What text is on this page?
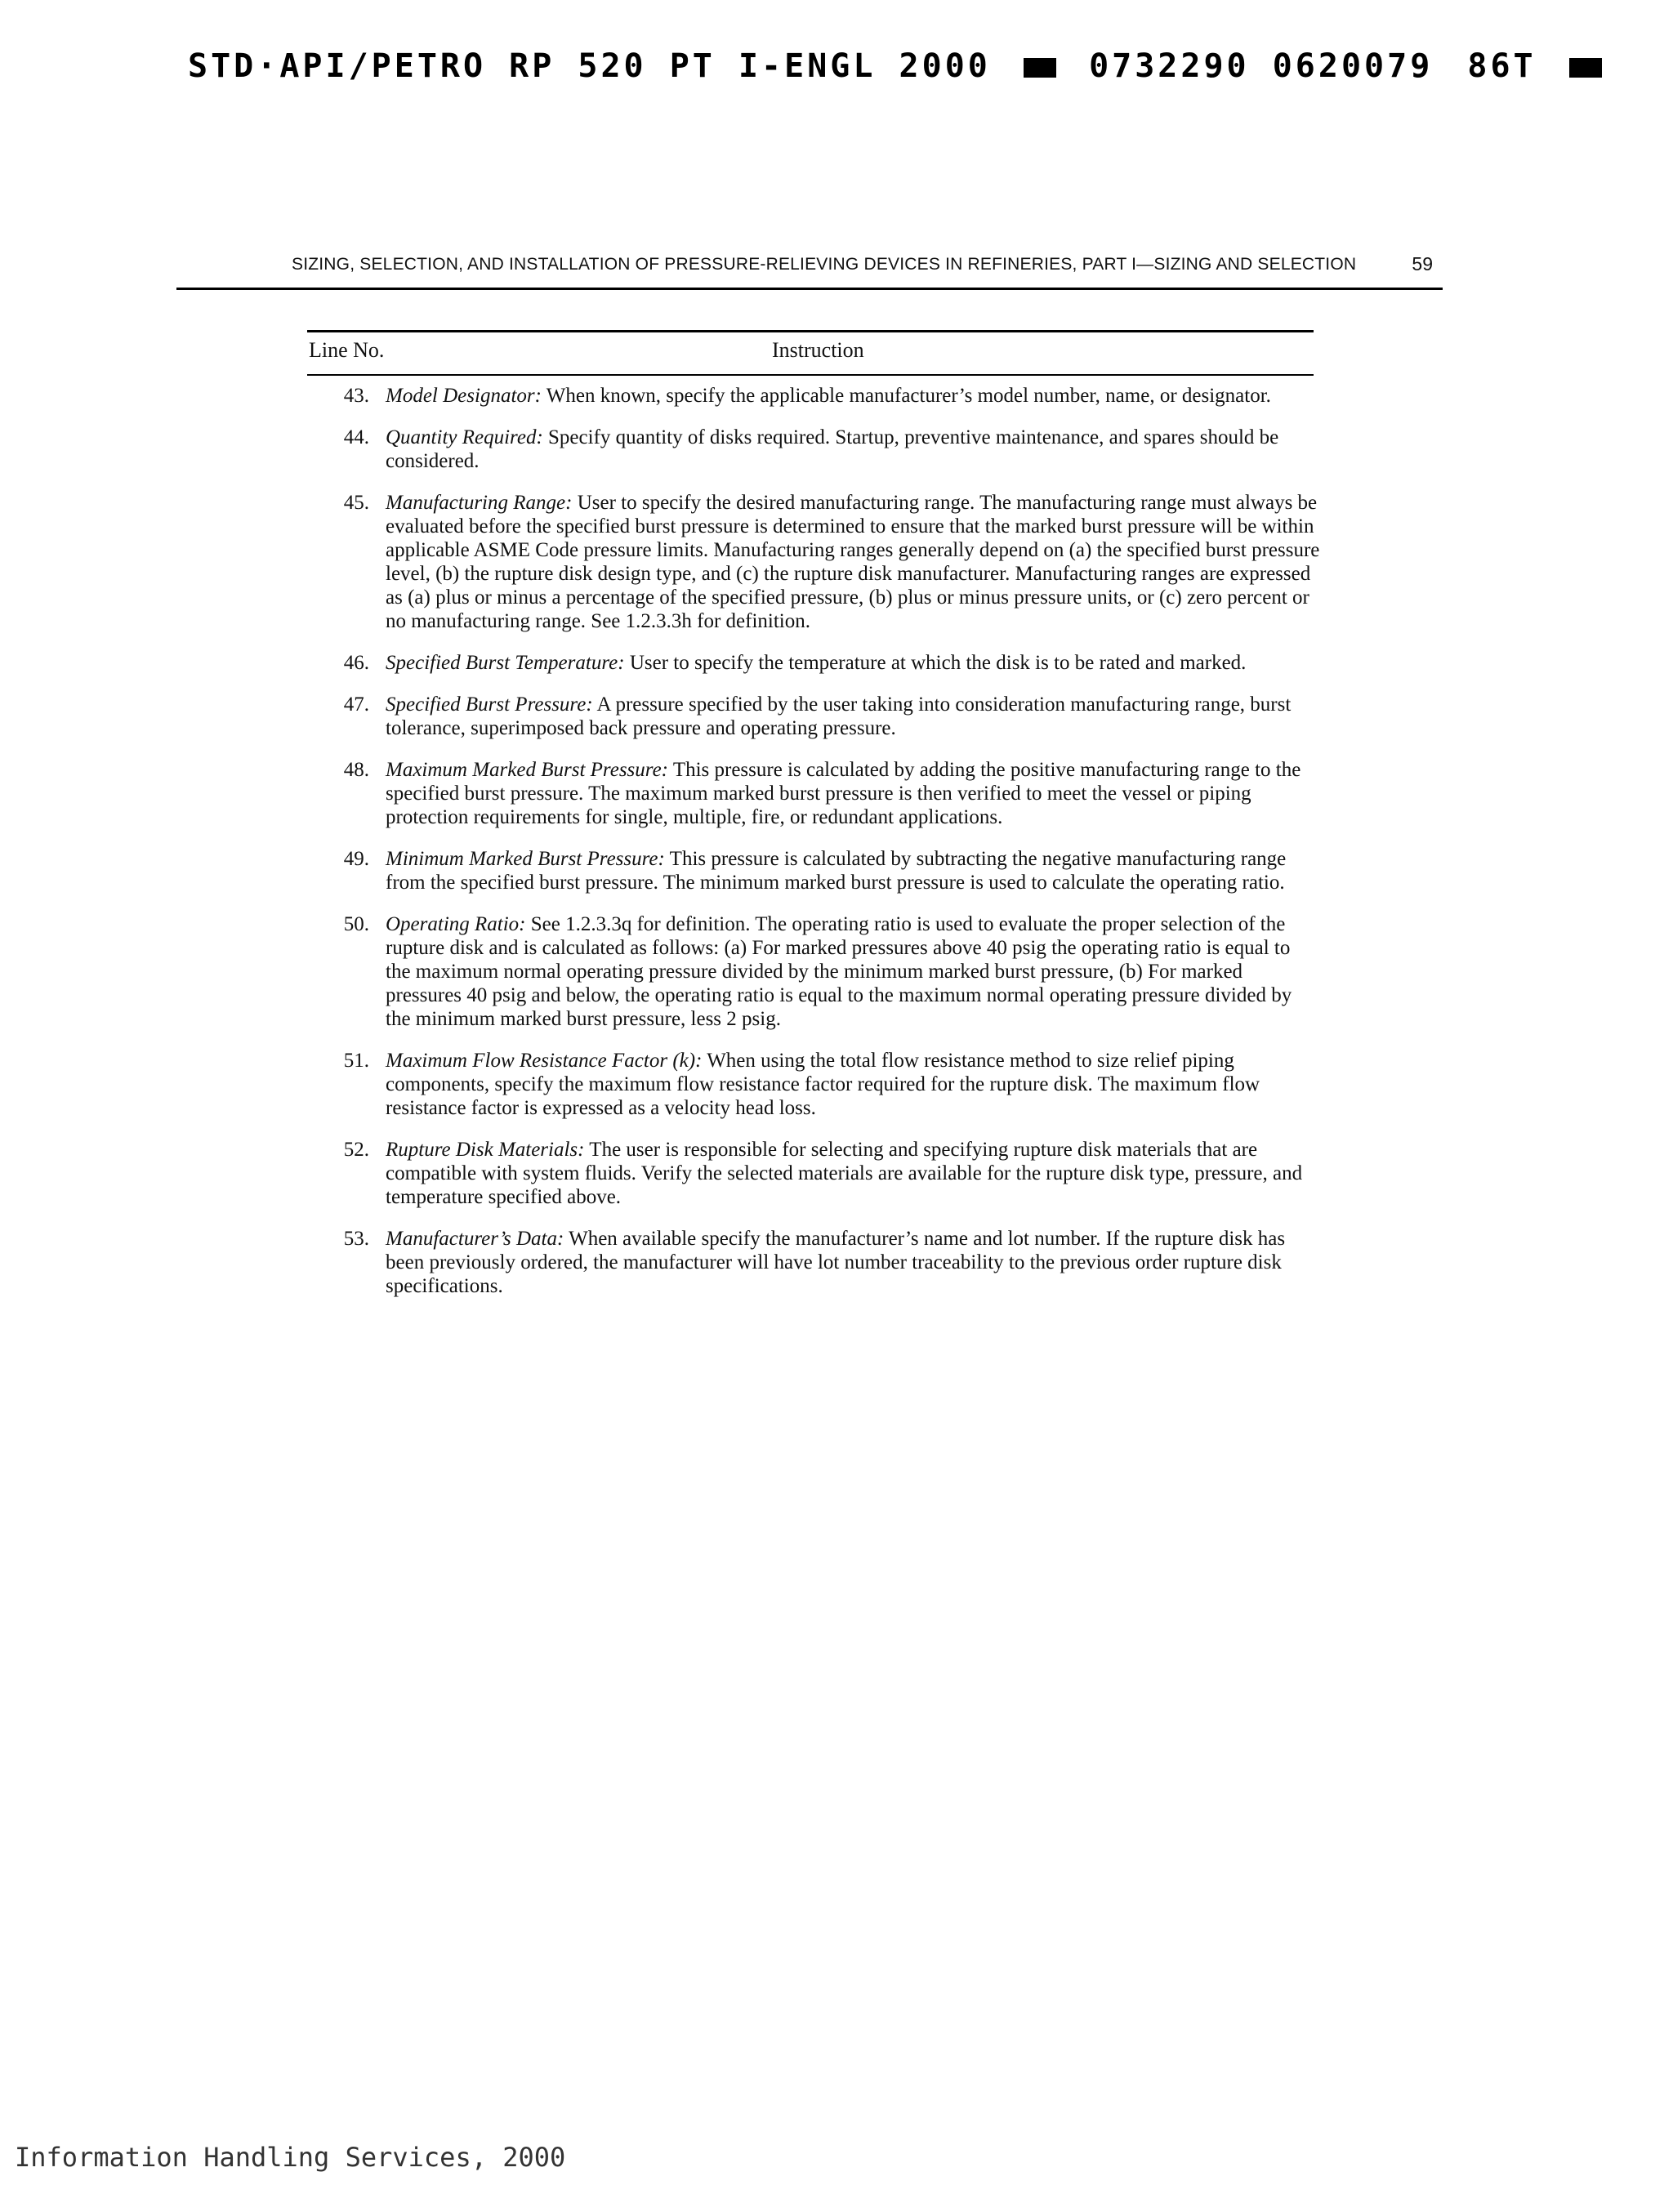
STD·API/PETRO RP 520 PT I-ENGL 2000	0732290 0620079 86T
SIZING, SELECTION, AND INSTALLATION OF PRESSURE-RELIEVING DEVICES IN REFINERIES, PART I—SIZING AND SELECTION	59
Line No.	Instruction
43. Model Designator: When known, specify the applicable manufacturer’s model number, name, or designator.
44. Quantity Required: Specify quantity of disks required. Startup, preventive maintenance, and spares should be considered.
45. Manufacturing Range: User to specify the desired manufacturing range. The manufacturing range must always be evaluated before the specified burst pressure is determined to ensure that the marked burst pressure will be within applicable ASME Code pressure limits. Manufacturing ranges generally depend on (a) the specified burst pressure level, (b) the rupture disk design type, and (c) the rupture disk manufacturer. Manufacturing ranges are expressed as (a) plus or minus a percentage of the specified pressure, (b) plus or minus pressure units, or (c) zero percent or no manufacturing range. See 1.2.3.3h for definition.
46. Specified Burst Temperature: User to specify the temperature at which the disk is to be rated and marked.
47. Specified Burst Pressure: A pressure specified by the user taking into consideration manufacturing range, burst tolerance, superimposed back pressure and operating pressure.
48. Maximum Marked Burst Pressure: This pressure is calculated by adding the positive manufacturing range to the specified burst pressure. The maximum marked burst pressure is then verified to meet the vessel or piping protection requirements for single, multiple, fire, or redundant applications.
49. Minimum Marked Burst Pressure: This pressure is calculated by subtracting the negative manufacturing range from the specified burst pressure. The minimum marked burst pressure is used to calculate the operating ratio.
50. Operating Ratio: See 1.2.3.3q for definition. The operating ratio is used to evaluate the proper selection of the rupture disk and is calculated as follows: (a) For marked pressures above 40 psig the operating ratio is equal to the maximum normal operating pressure divided by the minimum marked burst pressure, (b) For marked pressures 40 psig and below, the operating ratio is equal to the maximum normal operating pressure divided by the minimum marked burst pressure, less 2 psig.
51. Maximum Flow Resistance Factor (k): When using the total flow resistance method to size relief piping components, specify the maximum flow resistance factor required for the rupture disk. The maximum flow resistance factor is expressed as a velocity head loss.
52. Rupture Disk Materials: The user is responsible for selecting and specifying rupture disk materials that are compatible with system fluids. Verify the selected materials are available for the rupture disk type, pressure, and temperature specified above.
53. Manufacturer’s Data: When available specify the manufacturer’s name and lot number. If the rupture disk has been previously ordered, the manufacturer will have lot number traceability to the previous order rupture disk specifications.
Information Handling Services, 2000
